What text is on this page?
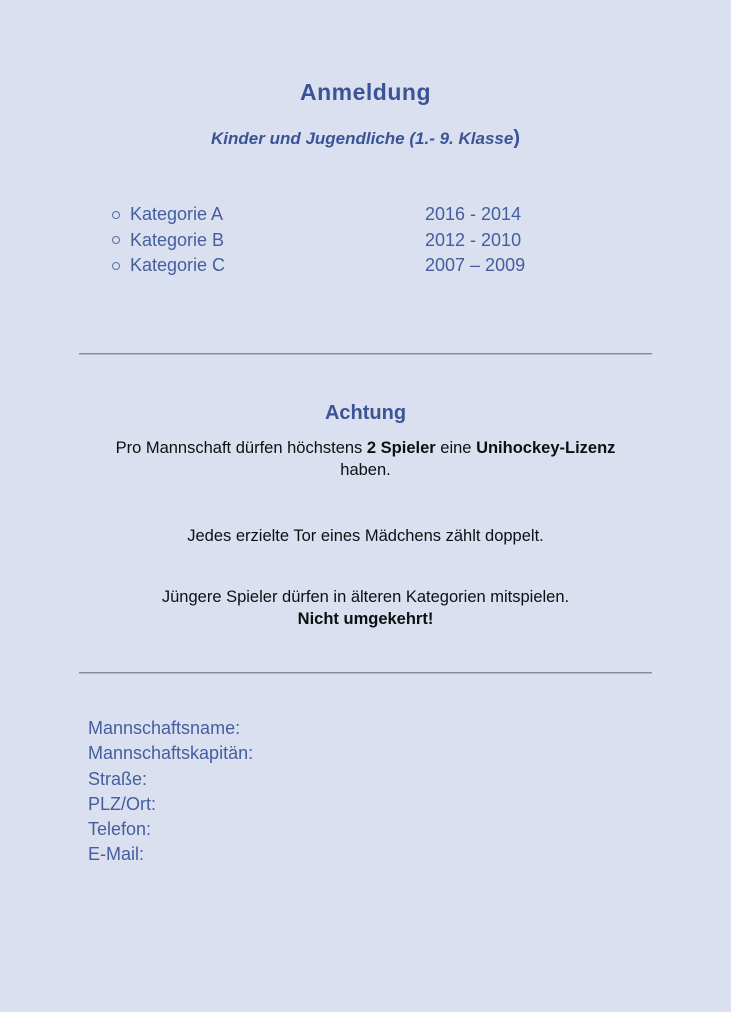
Anmeldung
Kinder und Jugendliche (1.- 9. Klasse)
Kategorie A	2016 - 2014
Kategorie B	2012 - 2010
Kategorie C	2007 – 2009
Achtung
Pro Mannschaft dürfen höchstens 2 Spieler eine Unihockey-Lizenz
haben.
Jedes erzielte Tor eines Mädchens zählt doppelt.
Jüngere Spieler dürfen in älteren Kategorien mitspielen.
Nicht umgekehrt!
Mannschaftsname:
Mannschaftskapitän:
Straße:
PLZ/Ort:
Telefon:
E-Mail:
